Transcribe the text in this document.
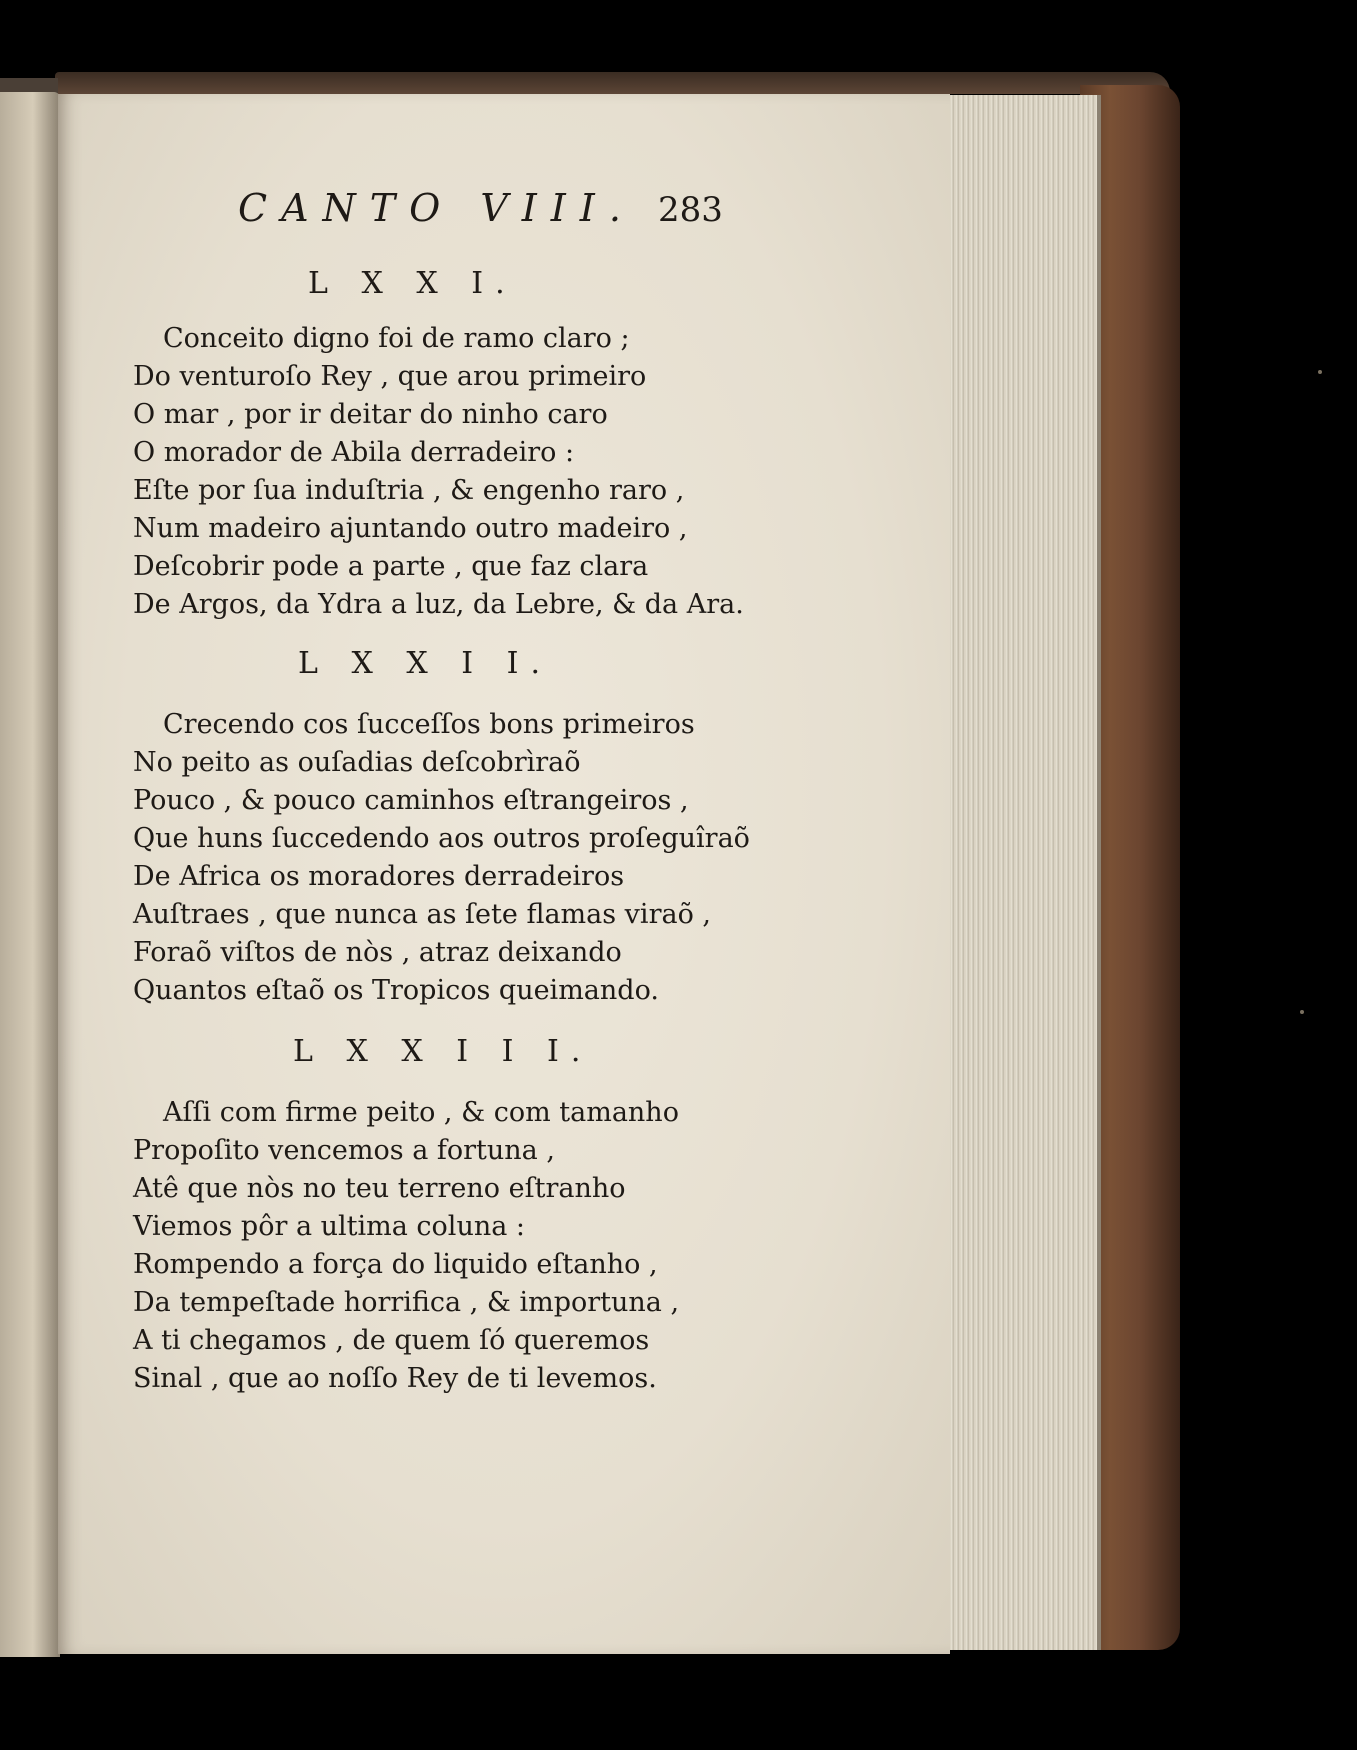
CANTO VIII. 283
L X X I.
Conceito digno foi de ramo claro ;
Do venturoſo Rey , que arou primeiro
O mar , por ir deitar do ninho caro
O morador de Abila derradeiro :
Eſte por ſua induſtria , & engenho raro ,
Num madeiro ajuntando outro madeiro ,
Deſcobrir pode a parte , que faz clara
De Argos, da Ydra a luz, da Lebre, & da Ara.
L X X I I.
Crecendo cos ſucceſſos bons primeiros
No peito as ouſadias deſcobrìraõ
Pouco , & pouco caminhos eſtrangeiros ,
Que huns ſuccedendo aos outros proſeguîraõ
De Africa os moradores derradeiros
Auſtraes , que nunca as ſete flamas viraõ ,
Foraõ viſtos de nòs , atraz deixando
Quantos eſtaõ os Tropicos queimando.
L X X I I I.
Aſſi com firme peito , & com tamanho
Propoſito vencemos a fortuna ,
Atê que nòs no teu terreno eſtranho
Viemos pôr a ultima coluna :
Rompendo a força do liquido eſtanho ,
Da tempeſtade horrifica , & importuna ,
A ti chegamos , de quem ſó queremos
Sinal , que ao noſſo Rey de ti levemos.
